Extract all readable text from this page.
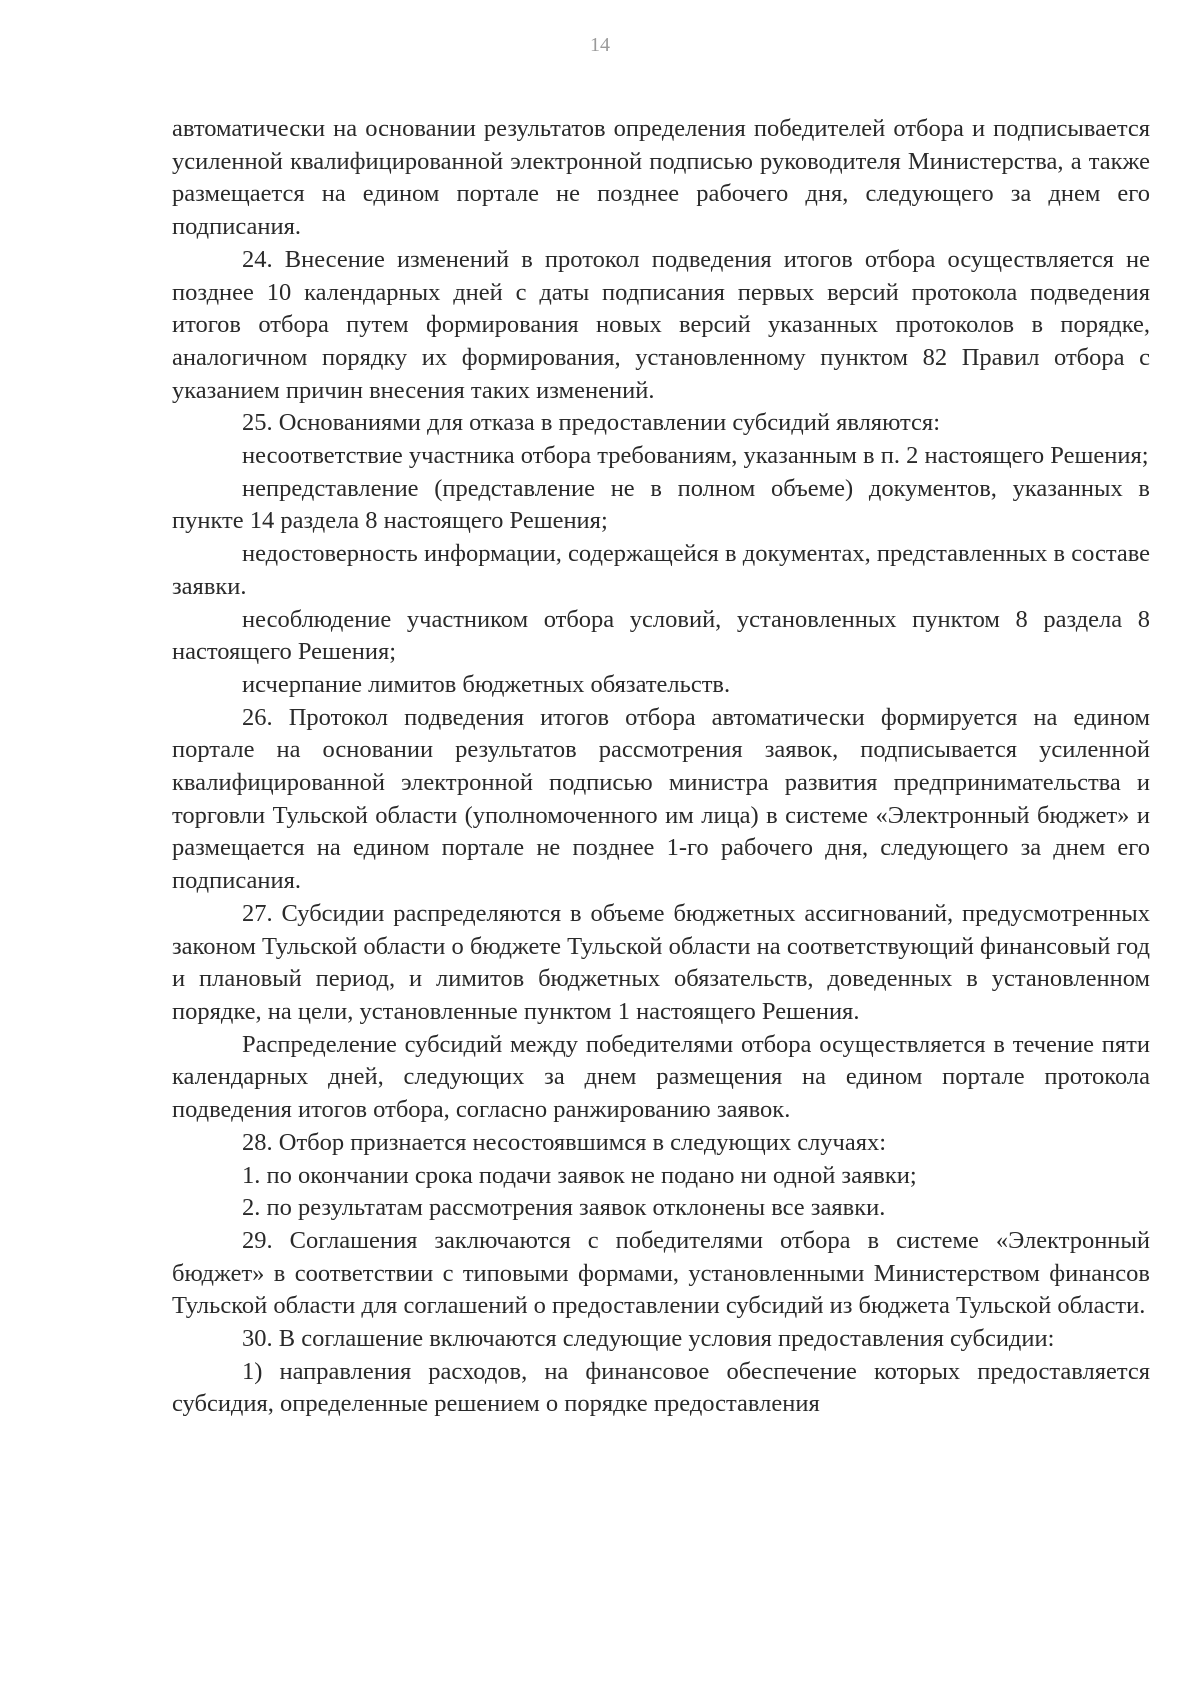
14

автоматически на основании результатов определения победителей отбора и подписывается усиленной квалифицированной электронной подписью руководителя Министерства, а также размещается на едином портале не позднее рабочего дня, следующего за днем его подписания.

24. Внесение изменений в протокол подведения итогов отбора осуществляется не позднее 10 календарных дней с даты подписания первых версий протокола подведения итогов отбора путем формирования новых версий указанных протоколов в порядке, аналогичном порядку их формирования, установленному пунктом 82 Правил отбора с указанием причин внесения таких изменений.

25. Основаниями для отказа в предоставлении субсидий являются:

несоответствие участника отбора требованиям, указанным в п. 2 настоящего Решения;

непредставление (представление не в полном объеме) документов, указанных в пункте 14 раздела 8 настоящего Решения;

недостоверность информации, содержащейся в документах, представленных в составе заявки.

несоблюдение участником отбора условий, установленных пунктом 8 раздела 8 настоящего Решения;

исчерпание лимитов бюджетных обязательств.

26. Протокол подведения итогов отбора автоматически формируется на едином портале на основании результатов рассмотрения заявок, подписывается усиленной квалифицированной электронной подписью министра развития предпринимательства и торговли Тульской области (уполномоченного им лица) в системе «Электронный бюджет» и размещается на едином портале не позднее 1-го рабочего дня, следующего за днем его подписания.

27. Субсидии распределяются в объеме бюджетных ассигнований, предусмотренных законом Тульской области о бюджете Тульской области на соответствующий финансовый год и плановый период, и лимитов бюджетных обязательств, доведенных в установленном порядке, на цели, установленные пунктом 1 настоящего Решения.

Распределение субсидий между победителями отбора осуществляется в течение пяти календарных дней, следующих за днем размещения на едином портале протокола подведения итогов отбора, согласно ранжированию заявок.

28. Отбор признается несостоявшимся в следующих случаях:

1. по окончании срока подачи заявок не подано ни одной заявки;

2. по результатам рассмотрения заявок отклонены все заявки.

29. Соглашения заключаются с победителями отбора в системе «Электронный бюджет» в соответствии с типовыми формами, установленными Министерством финансов Тульской области для соглашений о предоставлении субсидий из бюджета Тульской области.

30. В соглашение включаются следующие условия предоставления субсидии:

1) направления расходов, на финансовое обеспечение которых предоставляется субсидия, определенные решением о порядке предоставления
